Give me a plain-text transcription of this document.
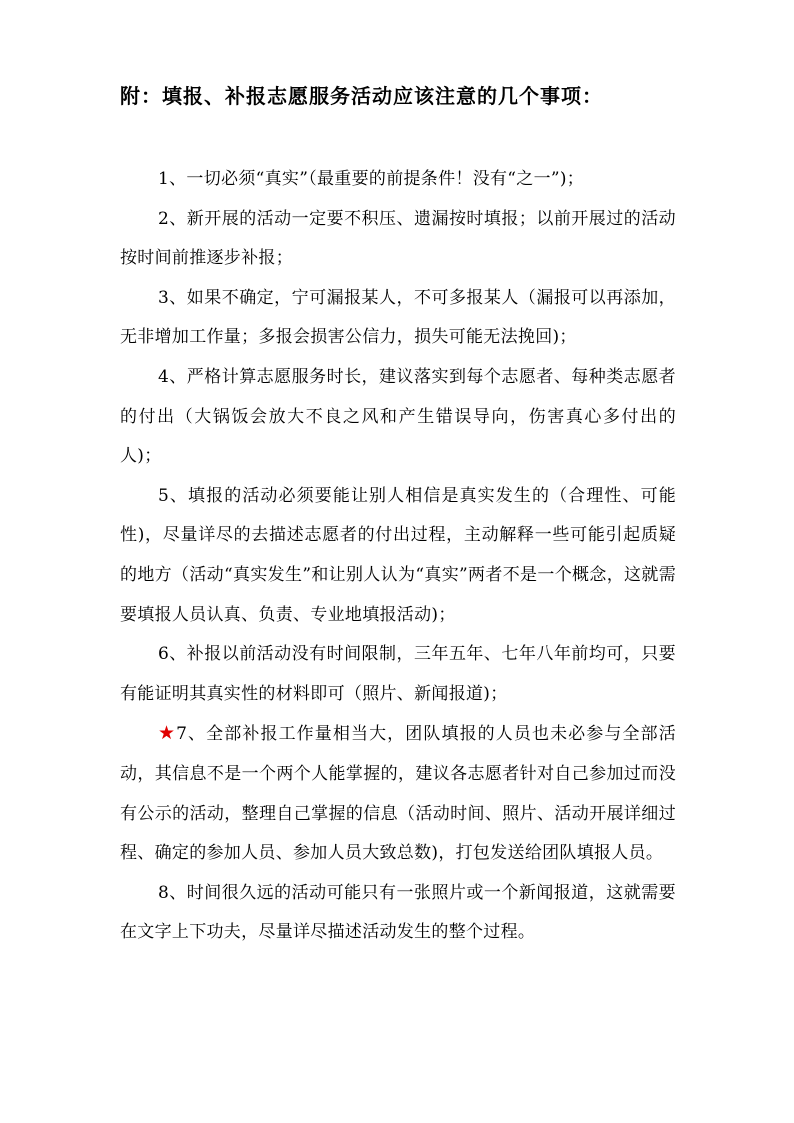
附：填报、补报志愿服务活动应该注意的几个事项：

1、一切必须“真实”（最重要的前提条件！没有“之一”)；

2、新开展的活动一定要不积压、遗漏按时填报；以前开展过的活动按时间前推逐步补报；

3、如果不确定，宁可漏报某人，不可多报某人（漏报可以再添加，无非增加工作量；多报会损害公信力，损失可能无法挽回)；

4、严格计算志愿服务时长，建议落实到每个志愿者、每种类志愿者的付出（大锅饭会放大不良之风和产生错误导向，伤害真心多付出的人)；

5、填报的活动必须要能让别人相信是真实发生的（合理性、可能性)，尽量详尽的去描述志愿者的付出过程，主动解释一些可能引起质疑的地方（活动“真实发生”和让别人认为“真实”两者不是一个概念，这就需要填报人员认真、负责、专业地填报活动)；

6、补报以前活动没有时间限制，三年五年、七年八年前均可，只要有能证明其真实性的材料即可（照片、新闻报道)；

★7、全部补报工作量相当大，团队填报的人员也未必参与全部活动，其信息不是一个两个人能掌握的，建议各志愿者针对自己参加过而没有公示的活动，整理自己掌握的信息（活动时间、照片、活动开展详细过程、确定的参加人员、参加人员大致总数)，打包发送给团队填报人员。

8、时间很久远的活动可能只有一张照片或一个新闻报道，这就需要在文字上下功夫，尽量详尽描述活动发生的整个过程。
